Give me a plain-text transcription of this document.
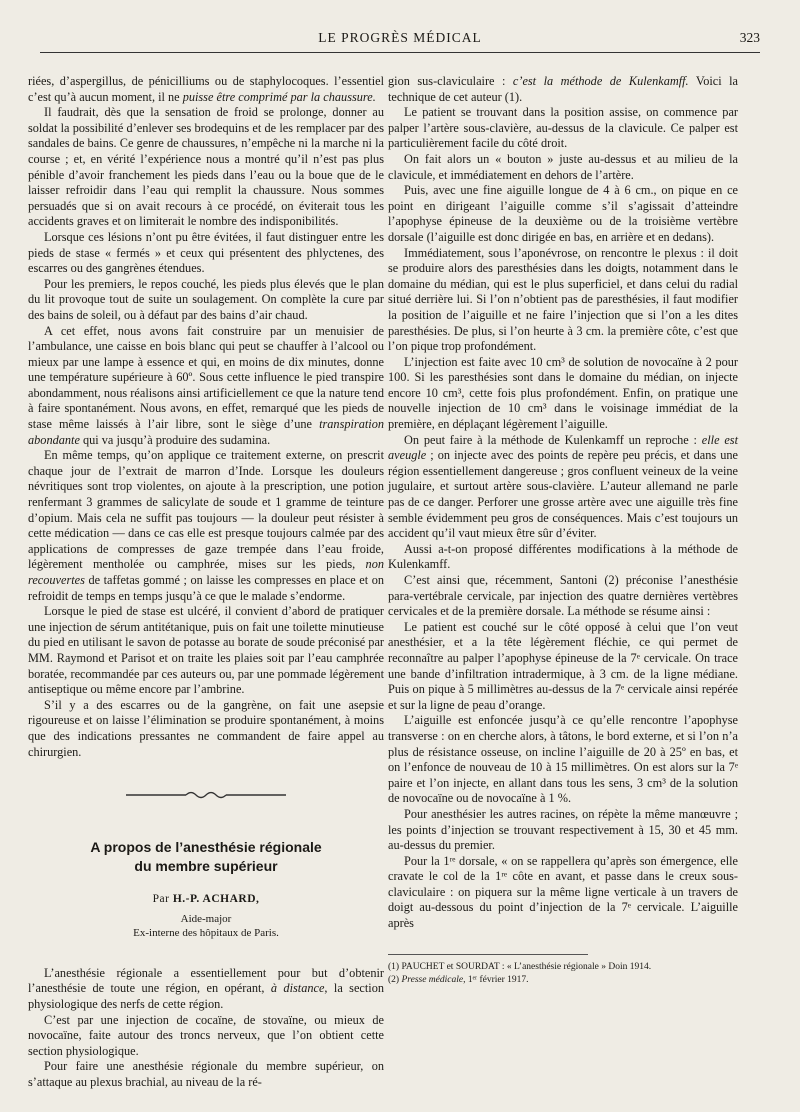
LE PROGRÈS MÉDICAL	323

riées, d’aspergillus, de pénicilliums ou de staphylocoques. l’essentiel c’est qu’à aucun moment, il ne puisse être comprimé par la chaussure.

Il faudrait, dès que la sensation de froid se prolonge, donner au soldat la possibilité d’enlever ses brodequins et de les remplacer par des sandales de bains. Ce genre de chaussures, n’empêche ni la marche ni la course ; et, en vérité l’expérience nous a montré qu’il n’est pas plus pénible d’avoir franchement les pieds dans l’eau ou la boue que de le laisser refroidir dans l’eau qui remplit la chaussure. Nous sommes persuadés que si on avait recours à ce procédé, on éviterait tous les accidents graves et on limiterait le nombre des indisponibilités.

Lorsque ces lésions n’ont pu être évitées, il faut distinguer entre les pieds de stase « fermés » et ceux qui présentent des phlyctenes, des escarres ou des gangrènes étendues.

Pour les premiers, le repos couché, les pieds plus élevés que le plan du lit provoque tout de suite un soulagement. On complète la cure par des bains de soleil, ou à défaut par des bains d’air chaud.

A cet effet, nous avons fait construire par un menuisier de l’ambulance, une caisse en bois blanc qui peut se chauffer à l’alcool ou mieux par une lampe à essence et qui, en moins de dix minutes, donne une température supérieure à 60º. Sous cette influence le pied transpire abondamment, nous réalisons ainsi artificiellement ce que la nature tend à faire spontanément. Nous avons, en effet, remarqué que les pieds de stase même laissés à l’air libre, sont le siège d’une transpiration abondante qui va jusqu’à produire des sudamina.

En même temps, qu’on applique ce traitement externe, on prescrit chaque jour de l’extrait de marron d’Inde. Lorsque les douleurs névritiques sont trop violentes, on ajoute à la prescription, une potion renfermant 3 grammes de salicylate de soude et 1 gramme de teinture d’opium. Mais cela ne suffit pas toujours — la douleur peut résister à cette médication — dans ce cas elle est presque toujours calmée par des applications de compresses de gaze trempée dans l’eau froide, légèrement mentholée ou camphrée, mises sur les pieds, non recouvertes de taffetas gommé ; on laisse les compresses en place et on refroidit de temps en temps jusqu’à ce que le malade s’endorme.

Lorsque le pied de stase est ulcéré, il convient d’abord de pratiquer une injection de sérum antitétanique, puis on fait une toilette minutieuse du pied en utilisant le savon de potasse au borate de soude préconisé par MM. Raymond et Parisot et on traite les plaies soit par l’eau camphrée boratée, recommandée par ces auteurs ou, par une pommade légèrement antiseptique ou même encore par l’ambrine.

S’il y a des escarres ou de la gangrène, on fait une asepsie rigoureuse et on laisse l’élimination se produire spontanément, à moins que des indications pressantes ne commandent de faire appel au chirurgien.

A propos de l’anesthésie régionale
du membre supérieur
Par H.-P. ACHARD,
Aide-major
Ex-interne des hôpitaux de Paris.

L’anesthésie régionale a essentiellement pour but d’obtenir l’anesthésie de toute une région, en opérant, à distance, la section physiologique des nerfs de cette région.

C’est par une injection de cocaïne, de stovaïne, ou mieux de novocaïne, faite autour des troncs nerveux, que l’on obtient cette section physiologique.

Pour faire une anesthésie régionale du membre supérieur, on s’attaque au plexus brachial, au niveau de la ré-

gion sus-claviculaire : c’est la méthode de Kulenkamff. Voici la technique de cet auteur (1).

Le patient se trouvant dans la position assise, on commence par palper l’artère sous-clavière, au-dessus de la clavicule. Ce palper est particulièrement facile du côté droit.

On fait alors un « bouton » juste au-dessus et au milieu de la clavicule, et immédiatement en dehors de l’artère.

Puis, avec une fine aiguille longue de 4 à 6 cm., on pique en ce point en dirigeant l’aiguille comme s’il s’agissait d’atteindre l’apophyse épineuse de la deuxième ou de la troisième vertèbre dorsale (l’aiguille est donc dirigée en bas, en arrière et en dedans).

Immédiatement, sous l’aponévrose, on rencontre le plexus : il doit se produire alors des paresthésies dans les doigts, notamment dans le domaine du médian, qui est le plus superficiel, et dans celui du radial situé derrière lui. Si l’on n’obtient pas de paresthésies, il faut modifier la position de l’aiguille et ne faire l’injection que si l’on a les dites paresthésies. De plus, si l’on heurte à 3 cm. la première côte, c’est que l’on pique trop profondément.

L’injection est faite avec 10 cm³ de solution de novocaïne à 2 pour 100. Si les paresthésies sont dans le domaine du médian, on injecte encore 10 cm³, cette fois plus profondément. Enfin, on pratique une nouvelle injection de 10 cm³ dans le voisinage immédiat de la première, en déplaçant légèrement l’aiguille.

On peut faire à la méthode de Kulenkamff un reproche : elle est aveugle ; on injecte avec des points de repère peu précis, et dans une région essentiellement dangereuse ; gros confluent veineux de la veine jugulaire, et surtout artère sous-clavière. L’auteur allemand ne parle pas de ce danger. Perforer une grosse artère avec une aiguille très fine semble évidemment peu gros de conséquences. Mais c’est toujours un accident qu’il vaut mieux être sûr d’éviter.

Aussi a-t-on proposé différentes modifications à la méthode de Kulenkamff.

C’est ainsi que, récemment, Santoni (2) préconise l’anesthésie para-vertébrale cervicale, par injection des quatre dernières vertèbres cervicales et de la première dorsale. La méthode se résume ainsi :

Le patient est couché sur le côté opposé à celui que l’on veut anesthésier, et a la tête légèrement fléchie, ce qui permet de reconnaître au palper l’apophyse épineuse de la 7ᵉ cervicale. On trace une bande d’infiltration intradermique, à 3 cm. de la ligne médiane. Puis on pique à 5 millimètres au-dessus de la 7ᵉ cervicale ainsi repérée et sur la ligne de peau d’orange.

L’aiguille est enfoncée jusqu’à ce qu’elle rencontre l’apophyse transverse : on en cherche alors, à tâtons, le bord externe, et si l’on n’a plus de résistance osseuse, on incline l’aiguille de 20 à 25º en bas, et on l’enfonce de nouveau de 10 à 15 millimètres. On est alors sur la 7ᵉ paire et l’on injecte, en allant dans tous les sens, 3 cm³ de la solution de novocaïne ou de novocaïne à 1 %.

Pour anesthésier les autres racines, on répète la même manœuvre ; les points d’injection se trouvant respectivement à 15, 30 et 45 mm. au-dessus du premier.

Pour la 1ʳᵉ dorsale, « on se rappellera qu’après son émergence, elle cravate le col de la 1ʳᵉ côte en avant, et passe dans le creux sous-claviculaire : on piquera sur la même ligne verticale à un travers de doigt au-dessous du point d’injection de la 7ᵉ cervicale. L’aiguille après

(1) PAUCHET et SOURDAT : « L’anesthésie régionale » Doin 1914.
(2) Presse médicale, 1ᵉʳ février 1917.
